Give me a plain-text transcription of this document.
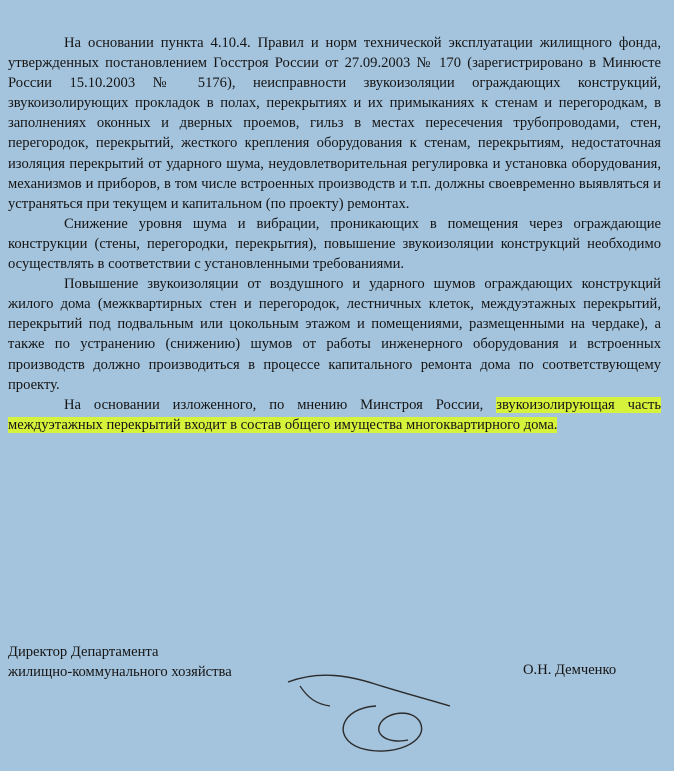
На основании пункта 4.10.4. Правил и норм технической эксплуатации жилищного фонда, утвержденных постановлением Госстроя России от 27.09.2003 № 170 (зарегистрировано в Минюсте России 15.10.2003 № 5176), неисправности звукоизоляции ограждающих конструкций, звукоизолирующих прокладок в полах, перекрытиях и их примыканиях к стенам и перегородкам, в заполнениях оконных и дверных проемов, гильз в местах пересечения трубопроводами, стен, перегородок, перекрытий, жесткого крепления оборудования к стенам, перекрытиям, недостаточная изоляция перекрытий от ударного шума, неудовлетворительная регулировка и установка оборудования, механизмов и приборов, в том числе встроенных производств и т.п. должны своевременно выявляться и устраняться при текущем и капитальном (по проекту) ремонтах.

Снижение уровня шума и вибрации, проникающих в помещения через ограждающие конструкции (стены, перегородки, перекрытия), повышение звукоизоляции конструкций необходимо осуществлять в соответствии с установленными требованиями.

Повышение звукоизоляции от воздушного и ударного шумов ограждающих конструкций жилого дома (межквартирных стен и перегородок, лестничных клеток, междуэтажных перекрытий, перекрытий под подвальным или цокольным этажом и помещениями, размещенными на чердаке), а также по устранению (снижению) шумов от работы инженерного оборудования и встроенных производств должно производиться в процессе капитального ремонта дома по соответствующему проекту.

На основании изложенного, по мнению Минстроя России, звукоизолирующая часть междуэтажных перекрытий входит в состав общего имущества многоквартирного дома.

Директор Департамента
жилищно-коммунального хозяйства	О.Н. Демченко
